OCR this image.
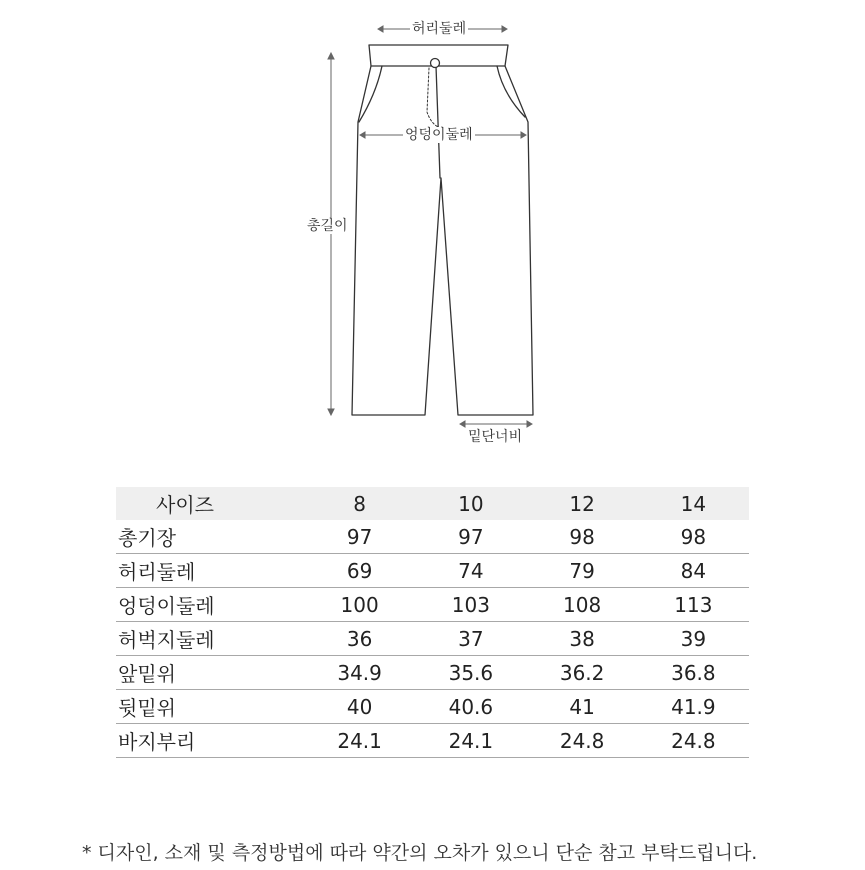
허리둘레
엉덩이둘레
총길이
밑단너비
사이즈	8	10	12	14
총기장	97	97	98	98
허리둘레	69	74	79	84
엉덩이둘레	100	103	108	113
허벅지둘레	36	37	38	39
앞밑위	34.9	35.6	36.2	36.8
뒷밑위	40	40.6	41	41.9
바지부리	24.1	24.1	24.8	24.8
* 디자인, 소재 및 측정방법에 따라 약간의 오차가 있으니 단순 참고 부탁드립니다.
